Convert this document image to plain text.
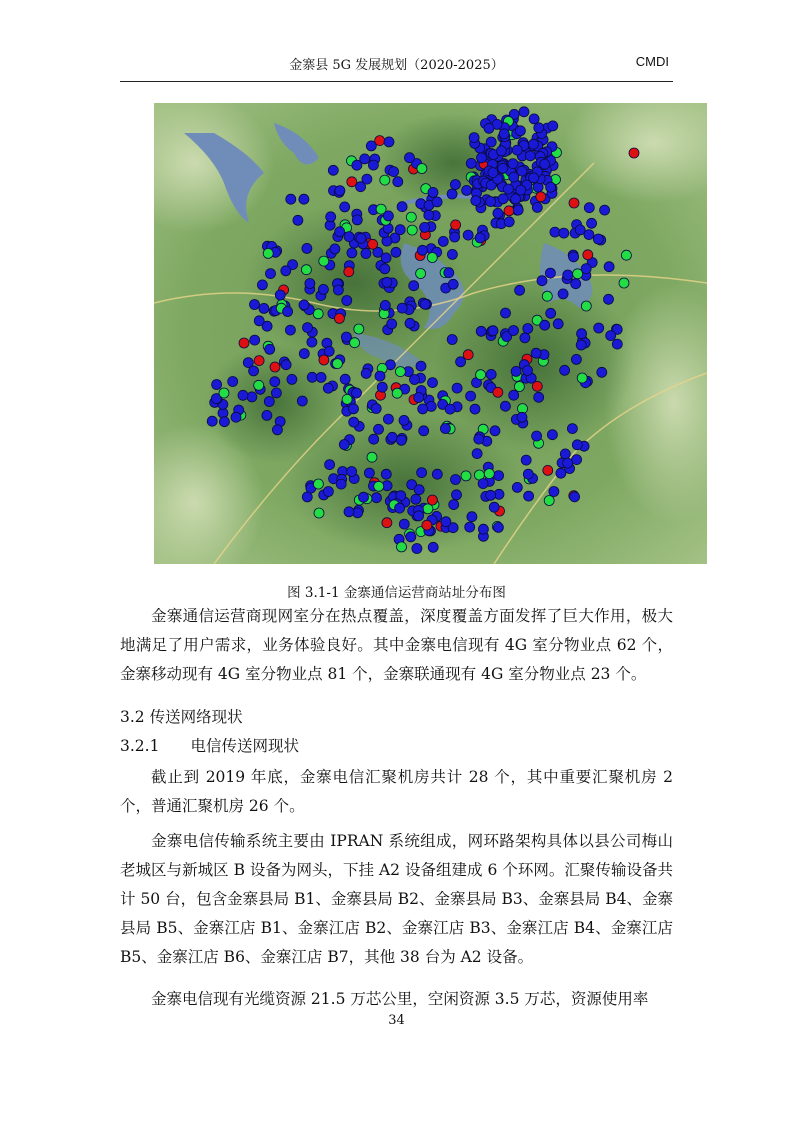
金寨县 5G 发展规划（2020-2025）	CMDI
图 3.1-1 金寨通信运营商站址分布图

金寨通信运营商现网室分在热点覆盖，深度覆盖方面发挥了巨大作用，极大地满足了用户需求，业务体验良好。其中金寨电信现有 4G 室分物业点 62 个，金寨移动现有 4G 室分物业点 81 个，金寨联通现有 4G 室分物业点 23 个。

3.2 传送网络现状

3.2.1　　电信传送网现状

截止到 2019 年底，金寨电信汇聚机房共计 28 个，其中重要汇聚机房 2 个，普通汇聚机房 26 个。

金寨电信传输系统主要由 IPRAN 系统组成，网环路架构具体以县公司梅山老城区与新城区 B 设备为网头，下挂 A2 设备组建成 6 个环网。汇聚传输设备共计 50 台，包含金寨县局 B1、金寨县局 B2、金寨县局 B3、金寨县局 B4、金寨县局 B5、金寨江店 B1、金寨江店 B2、金寨江店 B3、金寨江店 B4、金寨江店 B5、金寨江店 B6、金寨江店 B7，其他 38 台为 A2 设备。

金寨电信现有光缆资源 21.5 万芯公里，空闲资源 3.5 万芯，资源使用率

34
